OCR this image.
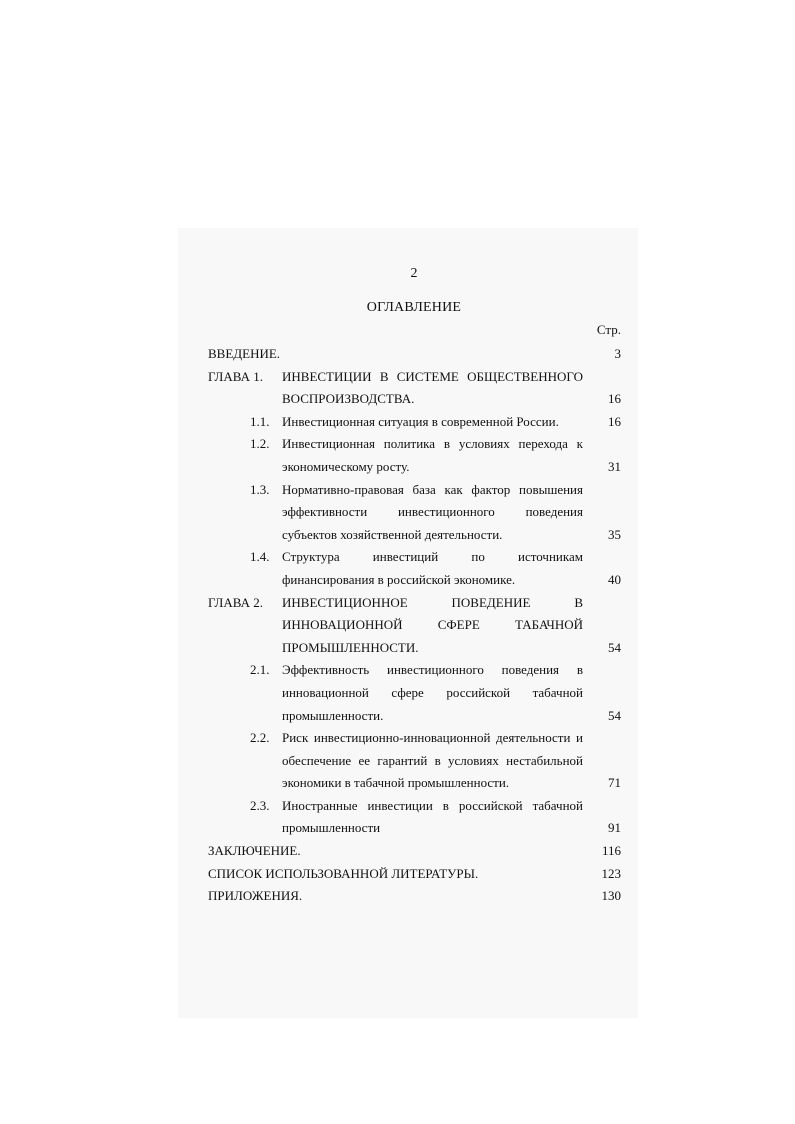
2
ОГЛАВЛЕНИЕ
Стр.
ВВЕДЕНИЕ.	3
ГЛАВА 1. ИНВЕСТИЦИИ В СИСТЕМЕ ОБЩЕСТВЕННОГО ВОСПРОИЗВОДСТВА.	16
1.1. Инвестиционная ситуация в современной России.	16
1.2. Инвестиционная политика в условиях перехода к экономическому росту.	31
1.3. Нормативно-правовая база как фактор повышения эффективности инвестиционного поведения субъектов хозяйственной деятельности.	35
1.4. Структура инвестиций по источникам финансирования в российской экономике.	40
ГЛАВА 2. ИНВЕСТИЦИОННОЕ ПОВЕДЕНИЕ В ИННОВАЦИОННОЙ СФЕРЕ ТАБАЧНОЙ ПРОМЫШЛЕННОСТИ.	54
2.1. Эффективность инвестиционного поведения в инновационной сфере российской табачной промышленности.	54
2.2. Риск инвестиционно-инновационной деятельности и обеспечение ее гарантий в условиях нестабильной экономики в табачной промышленности.	71
2.3. Иностранные инвестиции в российской табачной промышленности	91
ЗАКЛЮЧЕНИЕ.	116
СПИСОК ИСПОЛЬЗОВАННОЙ ЛИТЕРАТУРЫ.	123
ПРИЛОЖЕНИЯ.	130
